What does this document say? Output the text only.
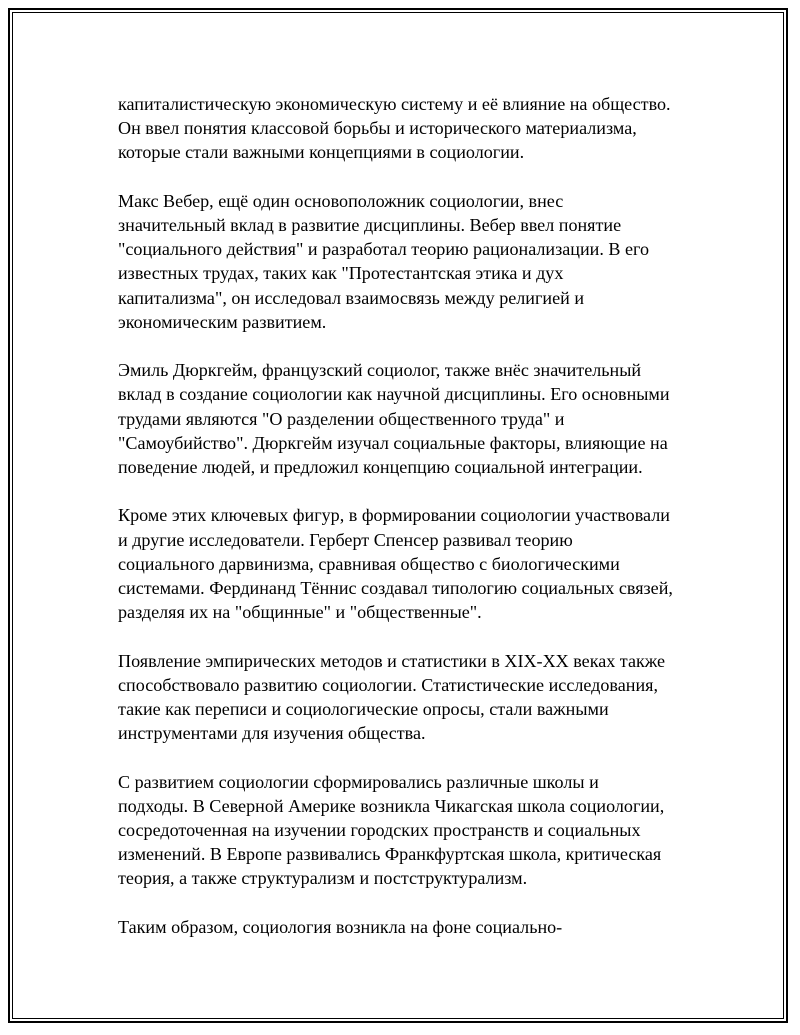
капиталистическую экономическую систему и её влияние на общество.
Он ввел понятия классовой борьбы и исторического материализма,
которые стали важными концепциями в социологии.

Макс Вебер, ещё один основоположник социологии, внес
значительный вклад в развитие дисциплины. Вебер ввел понятие
"социального действия" и разработал теорию рационализации. В его
известных трудах, таких как "Протестантская этика и дух
капитализма", он исследовал взаимосвязь между религией и
экономическим развитием.

Эмиль Дюркгейм, французский социолог, также внёс значительный
вклад в создание социологии как научной дисциплины. Его основными
трудами являются "О разделении общественного труда" и
"Самоубийство". Дюркгейм изучал социальные факторы, влияющие на
поведение людей, и предложил концепцию социальной интеграции.

Кроме этих ключевых фигур, в формировании социологии участвовали
и другие исследователи. Герберт Спенсер развивал теорию
социального дарвинизма, сравнивая общество с биологическими
системами. Фердинанд Тённис создавал типологию социальных связей,
разделяя их на "общинные" и "общественные".

Появление эмпирических методов и статистики в XIX-XX веках также
способствовало развитию социологии. Статистические исследования,
такие как переписи и социологические опросы, стали важными
инструментами для изучения общества.

С развитием социологии сформировались различные школы и
подходы. В Северной Америке возникла Чикагская школа социологии,
сосредоточенная на изучении городских пространств и социальных
изменений. В Европе развивались Франкфуртская школа, критическая
теория, а также структурализм и постструктурализм.

Таким образом, социология возникла на фоне социально-
